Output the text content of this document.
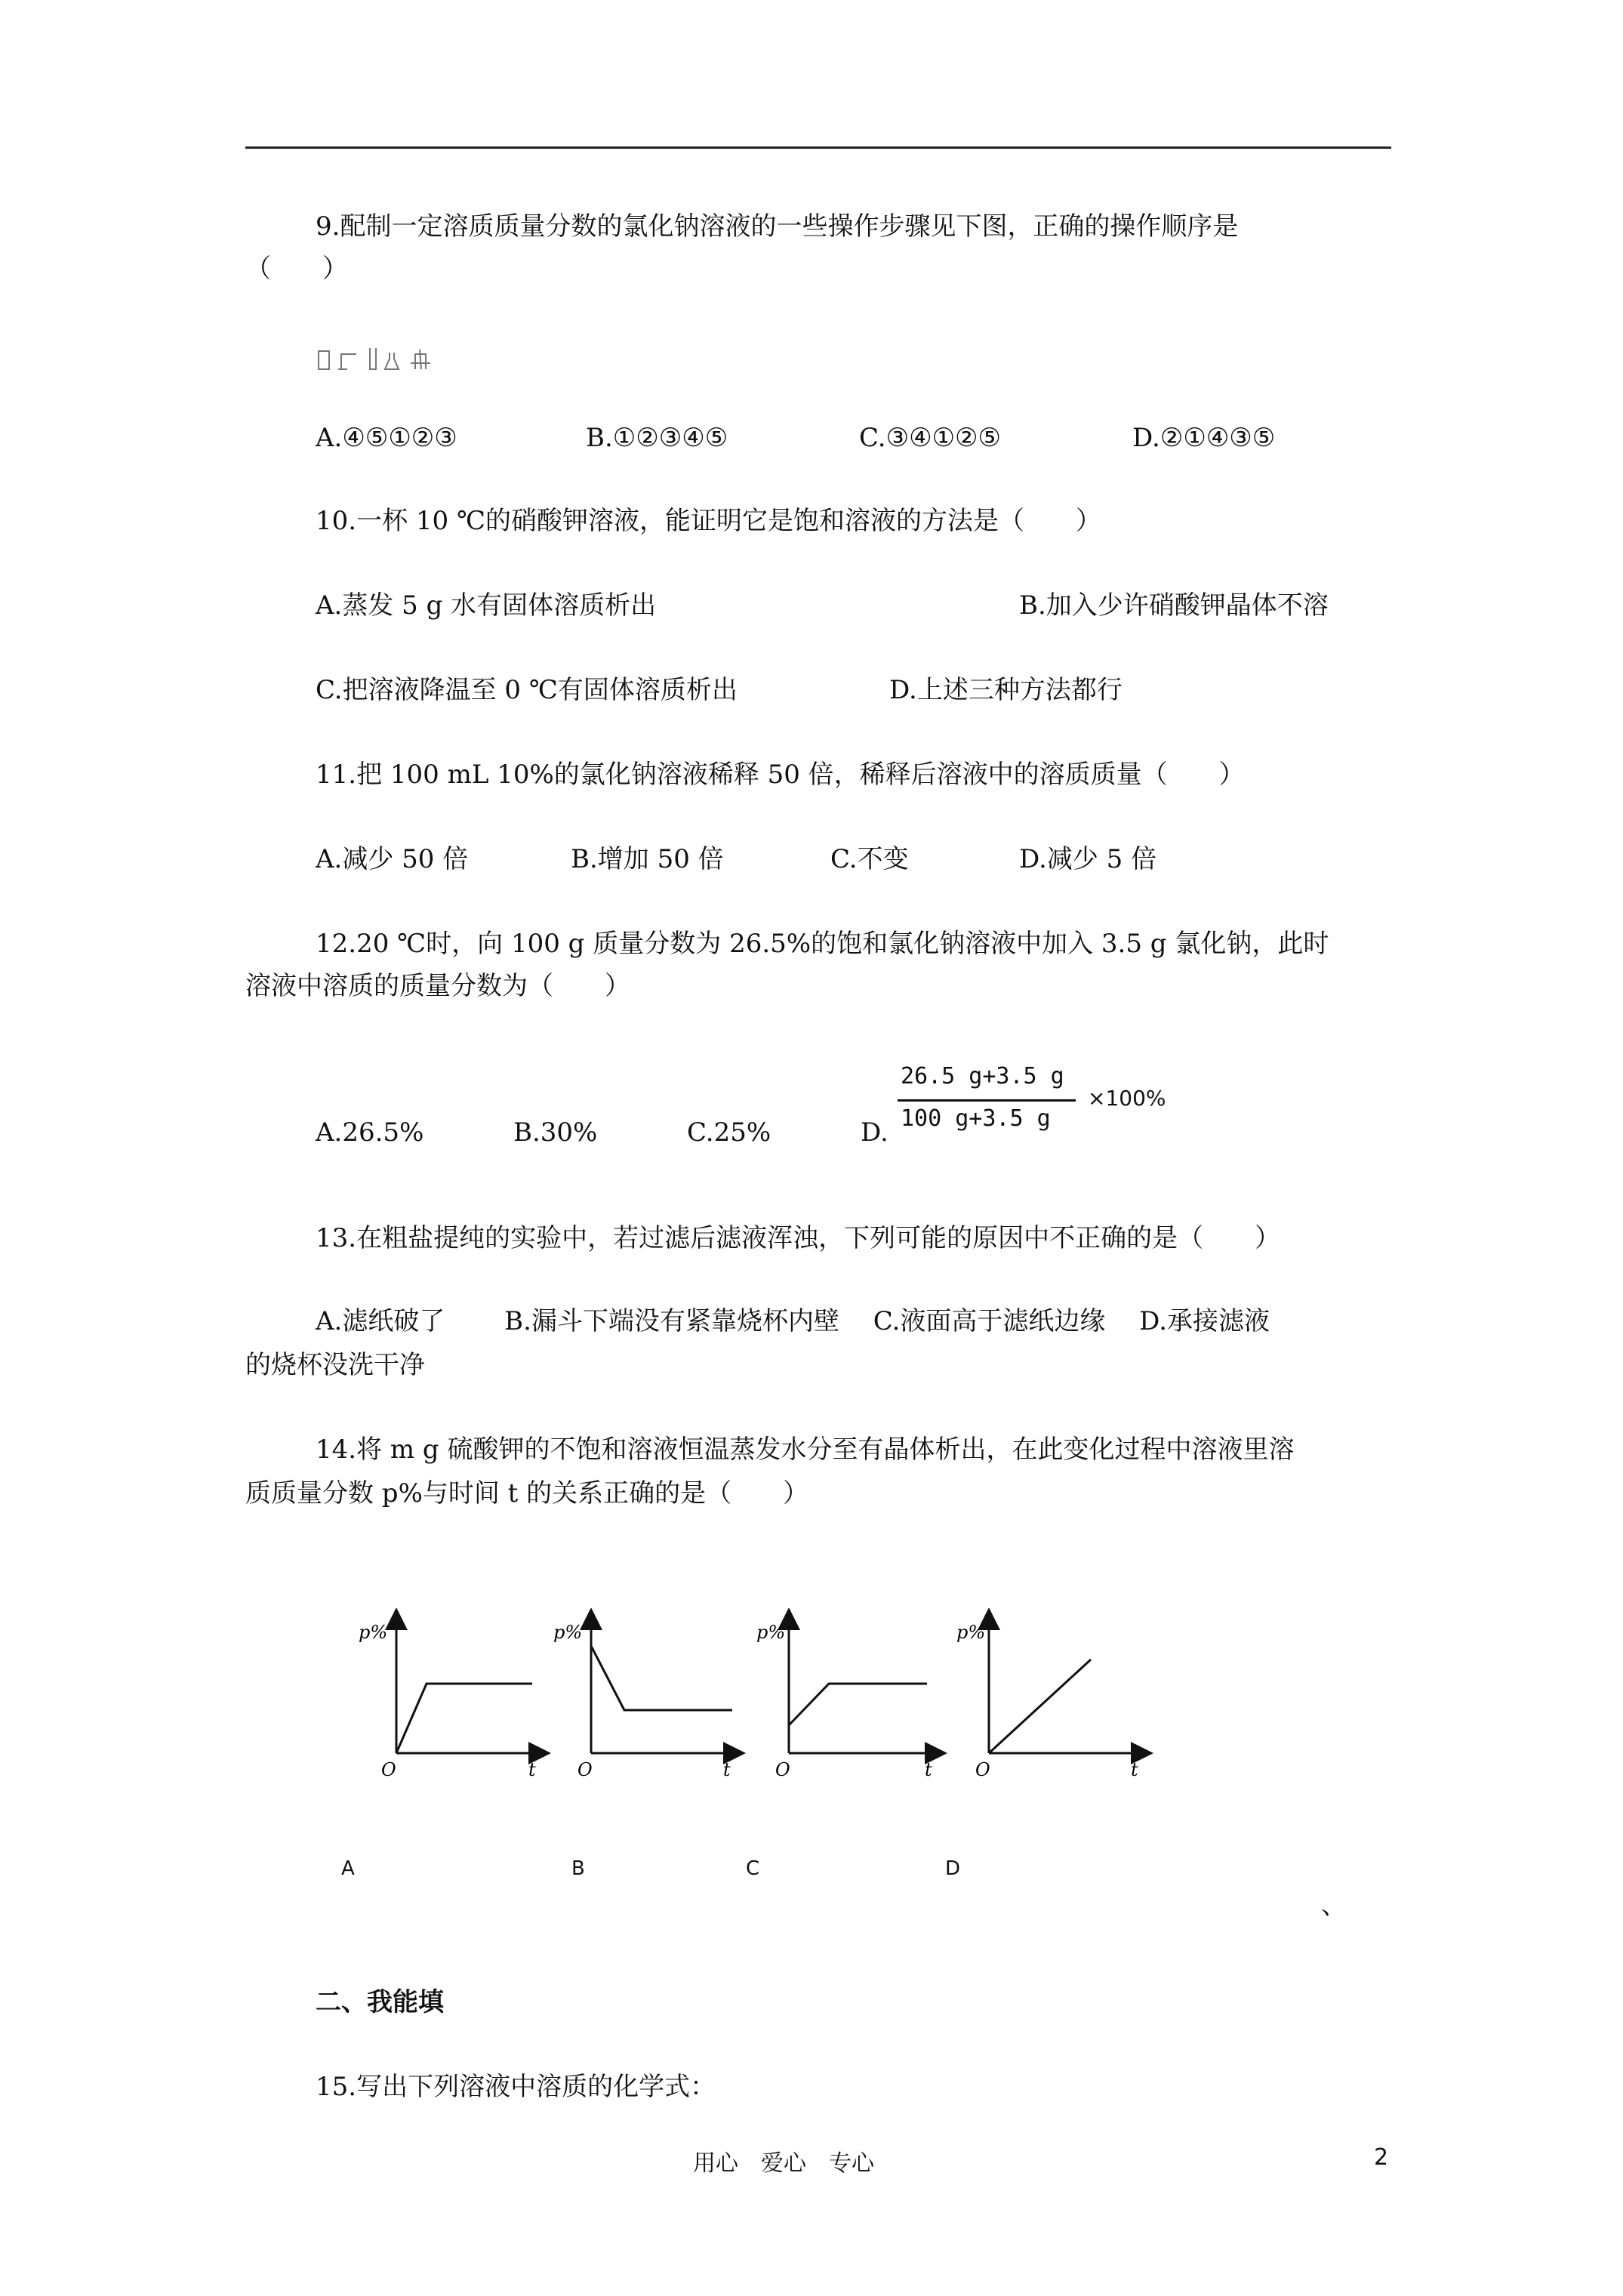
9.配制一定溶质质量分数的氯化钠溶液的一些操作步骤见下图，正确的操作顺序是
（　　）
A.④⑤①②③	B.①②③④⑤	C.③④①②⑤	D.②①④③⑤
10.一杯 10 ℃的硝酸钾溶液，能证明它是饱和溶液的方法是（　　）
A.蒸发 5 g 水有固体溶质析出	B.加入少许硝酸钾晶体不溶
C.把溶液降温至 0 ℃有固体溶质析出	D.上述三种方法都行
11.把 100 mL 10%的氯化钠溶液稀释 50 倍，稀释后溶液中的溶质质量（　　）
A.减少 50 倍	B.增加 50 倍	C.不变	D.减少 5 倍
12.20 ℃时，向 100 g 质量分数为 26.5%的饱和氯化钠溶液中加入 3.5 g 氯化钠，此时
溶液中溶质的质量分数为（　　）
A.26.5%	B.30%	C.25%	D.
26.5 g+3.5 g
100 g+3.5 g
×100%
13.在粗盐提纯的实验中，若过滤后滤液浑浊，下列可能的原因中不正确的是（　　）
A.滤纸破了　　 B.漏斗下端没有紧靠烧杯内壁　 C.液面高于滤纸边缘　 D.承接滤液
的烧杯没洗干净
14.将 m g 硫酸钾的不饱和溶液恒温蒸发水分至有晶体析出，在此变化过程中溶液里溶
质质量分数 p%与时间 t 的关系正确的是（　　）
p%
O	t
p%
O	t
p%
O	t
p%
O	t
A	B	C	D
、
二、我能填
15.写出下列溶液中溶质的化学式：
用心　爱心　专心	2
